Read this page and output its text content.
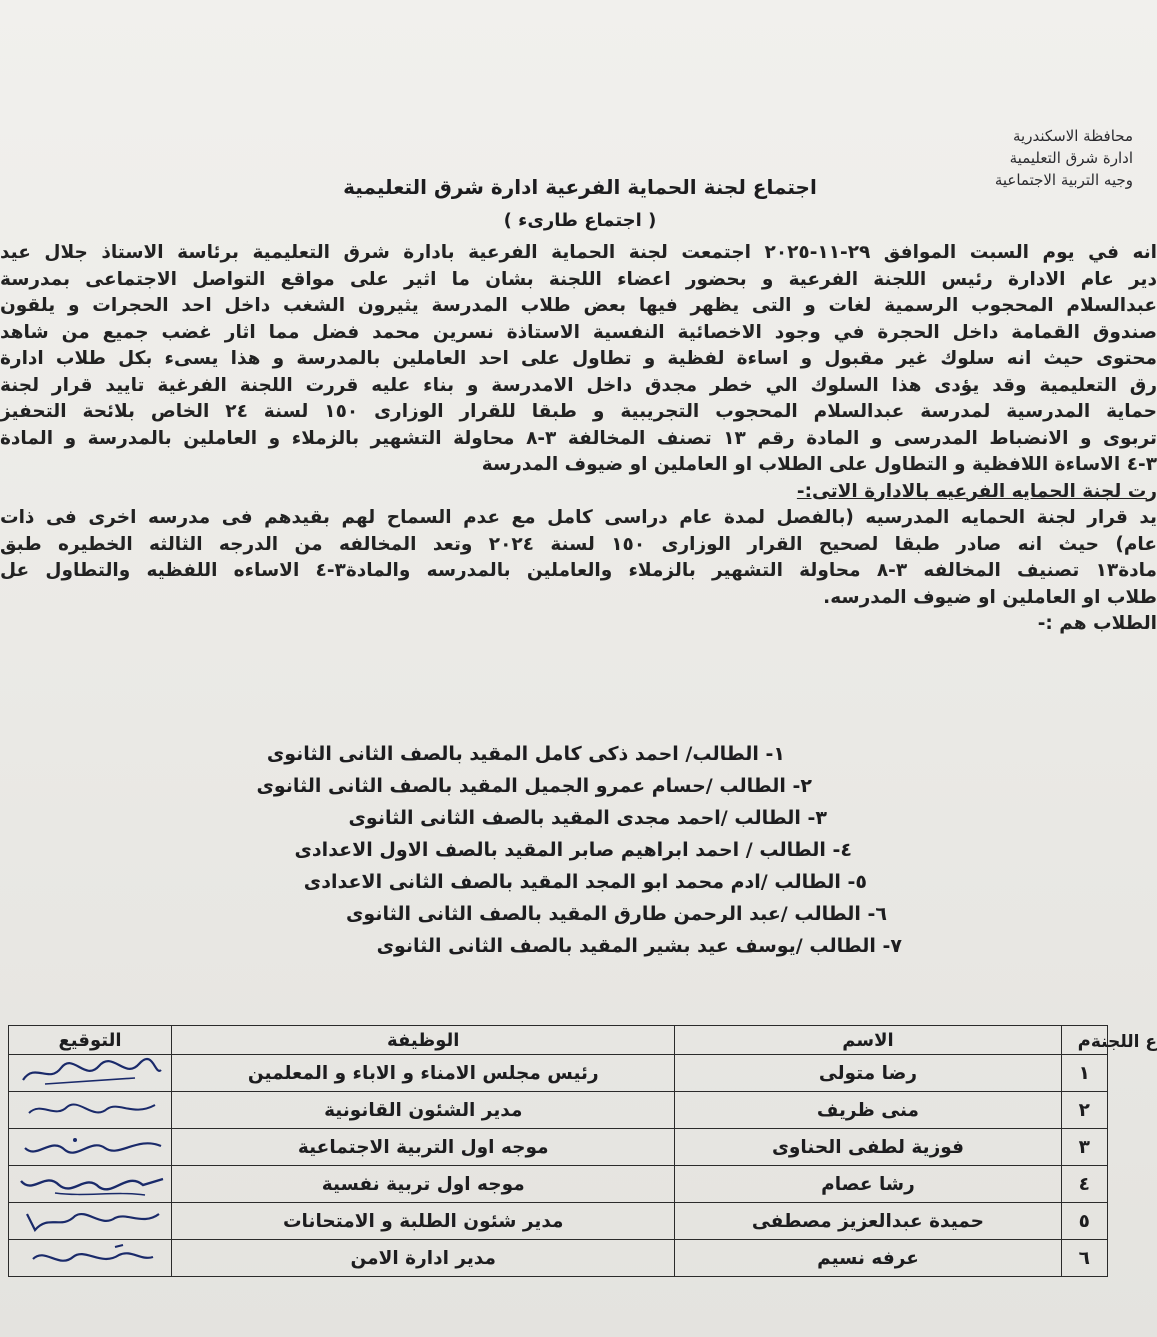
محافظة الاسكندرية
ادارة شرق التعليمية
وجيه التربية الاجتماعية
اجتماع لجنة الحماية الفرعية ادارة شرق التعليمية
( اجتماع طارىء )

انه في يوم السبت الموافق ٢٩-١١-٢٠٢٥ اجتمعت لجنة الحماية الفرعية بادارة شرق التعليمية برئاسة الاستاذ جلال عيد

دير عام الادارة رئيس اللجنة الفرعية و بحضور اعضاء اللجنة بشان ما اثير على مواقع التواصل الاجتماعى بمدرسة

عبدالسلام المحجوب الرسمية لغات و التى يظهر فيها بعض طلاب المدرسة يثيرون الشغب داخل احد الحجرات و يلقون

صندوق القمامة داخل الحجرة في وجود الاخصائية النفسية الاستاذة نسرين محمد فضل مما اثار غضب جميع من شاهد

محتوى حيث انه سلوك غير مقبول و اساءة لفظية و تطاول على احد العاملين بالمدرسة و هذا يسىء بكل طلاب ادارة

رق التعليمية وقد يؤدى هذا السلوك الي خطر مجدق داخل الامدرسة و بناء عليه قررت اللجنة الفرغية تاييد قرار لجنة

حماية المدرسية لمدرسة عبدالسلام المحجوب التجريبية و طبقا للقرار الوزارى ١٥٠ لسنة ٢٤ الخاص بلائحة التحفيز

تربوى و الانضباط المدرسى و المادة رقم ١٣ تصنف المخالفة ٣-٨ محاولة التشهير بالزملاء و العاملين بالمدرسة و المادة

٣-٤ الاساءة اللافظية و التطاول على الطلاب او العاملين او ضيوف المدرسة

رت لجنة الحمايه الفرعيه بالادارة الاتى:-

يد قرار لجنة الحمايه المدرسيه (بالفصل لمدة عام دراسى كامل مع عدم السماح لهم بقيدهم فى مدرسه اخرى فى ذات

عام) حيث انه صادر طبقا لصحيح القرار الوزارى ١٥٠ لسنة ٢٠٢٤ وتعد المخالفه من الدرجه الثالثه الخطيره طبق

مادة١٣ تصنيف المخالفه ٣-٨ محاولة التشهير بالزملاء والعاملين بالمدرسه والمادة٣-٤ الاساءه اللفظيه والتطاول عل

طلاب او العاملين او ضيوف المدرسه.

الطلاب هم :-

١- الطالب/ احمد ذكى كامل المقيد بالصف الثانى الثانوى

٢- الطالب /حسام عمرو الجميل المقيد بالصف الثانى الثانوى

٣- الطالب /احمد مجدى المقيد بالصف الثانى الثانوى

٤- الطالب / احمد ابراهيم صابر المقيد بالصف الاول الاعدادى

٥- الطالب /ادم محمد ابو المجد المقيد بالصف الثانى الاعدادى

٦- الطالب /عبد الرحمن طارق المقيد بالصف الثانى الثانوى

٧- الطالب /يوسف عيد بشير المقيد بالصف الثانى الثانوى

ع اللجنة
م	الاسم	الوظيفة	التوقيع
١	رضا متولى	رئيس مجلس الامناء و الاباء و المعلمين	

٢	منى ظريف	مدير الشئون القانونية	

٣	فوزية لطفى الحناوى	موجه اول التربية الاجتماعية	

٤	رشا عصام	موجه اول تربية نفسية	

٥	حميدة عبدالعزيز مصطفى	مدير شئون الطلبة و الامتحانات	

٦	عرفه نسيم	مدير ادارة الامن	
